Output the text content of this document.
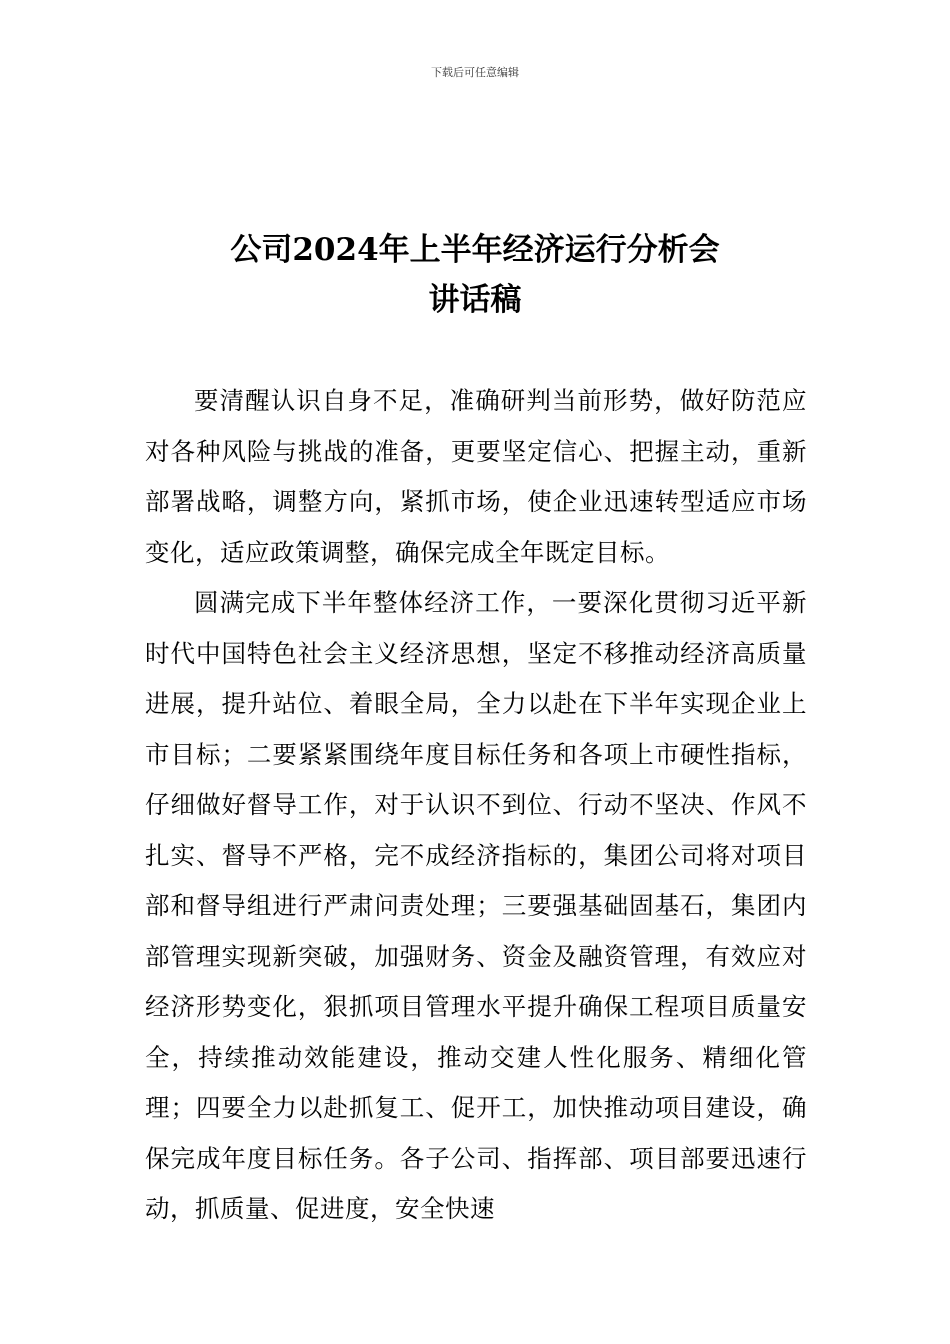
下载后可任意编辑
公司2024年上半年经济运行分析会
讲话稿

要清醒认识自身不足，准确研判当前形势，做好防范应对各种风险与挑战的准备，更要坚定信心、把握主动，重新部署战略，调整方向，紧抓市场，使企业迅速转型适应市场变化，适应政策调整，确保完成全年既定目标。

圆满完成下半年整体经济工作，一要深化贯彻习近平新时代中国特色社会主义经济思想，坚定不移推动经济高质量进展，提升站位、着眼全局，全力以赴在下半年实现企业上市目标；二要紧紧围绕年度目标任务和各项上市硬性指标，仔细做好督导工作，对于认识不到位、行动不坚决、作风不扎实、督导不严格，完不成经济指标的，集团公司将对项目部和督导组进行严肃问责处理；三要强基础固基石，集团内部管理实现新突破，加强财务、资金及融资管理，有效应对经济形势变化，狠抓项目管理水平提升确保工程项目质量安全，持续推动效能建设，推动交建人性化服务、精细化管理；四要全力以赴抓复工、促开工，加快推动项目建设，确保完成年度目标任务。各子公司、指挥部、项目部要迅速行动，抓质量、促进度，安全快速
